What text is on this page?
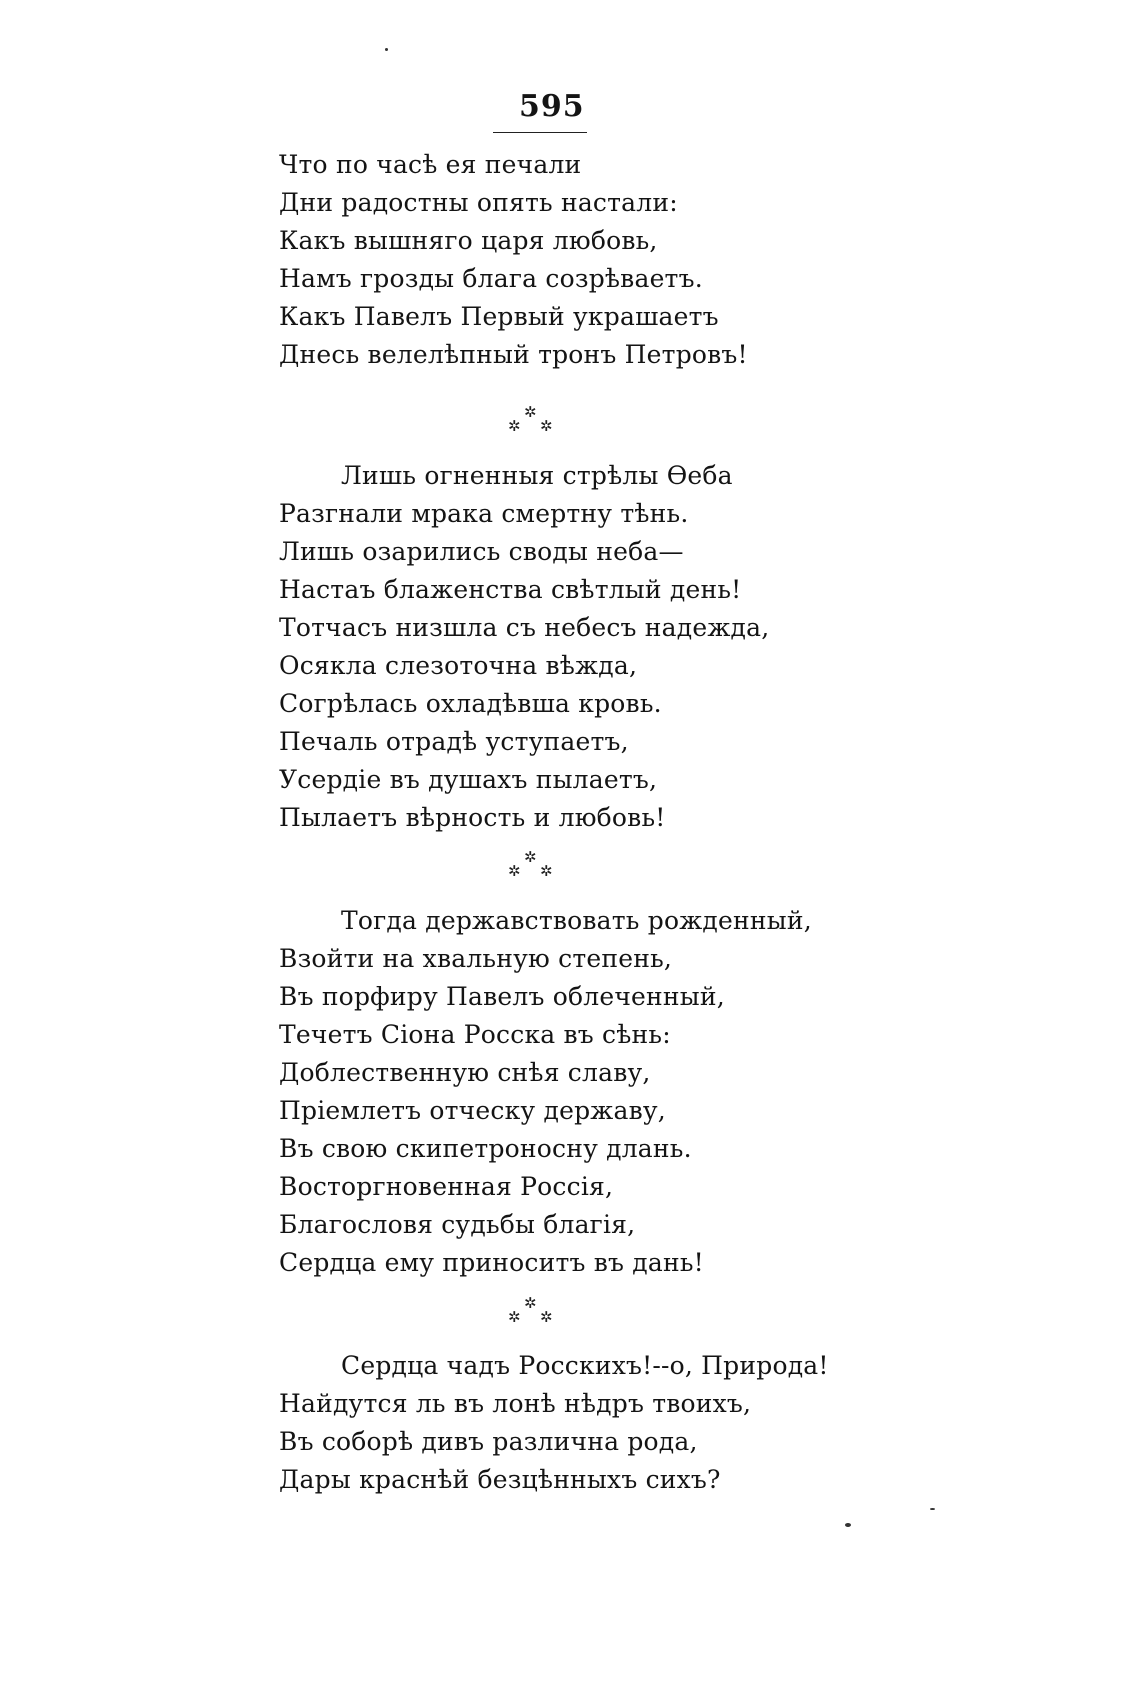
595
Что по часѣ ея печали
Дни радостны опять настали:
Какъ вышняго царя любовь,
Намъ грозды блага созрѣваетъ.
Какъ Павелъ Первый украшаетъ
Днесь велелѣпный тронъ Петровъ!
✲
✲ ✲
Лишь огненныя стрѣлы Ѳеба
Разгнали мрака смертну тѣнь.
Лишь озарились своды неба—
Настаъ блаженства свѣтлый день!
Тотчасъ низшла съ небесъ надежда,
Осякла слезоточна вѣжда,
Согрѣлась охладѣвша кровь.
Печаль отрадѣ уступаетъ,
Усердіе въ душахъ пылаетъ,
Пылаетъ вѣрность и любовь!
✲
✲ ✲
Тогда державствовать рожденный,
Взойти на хвальную степень,
Въ порфиру Павелъ облеченный,
Течетъ Сіона Росска въ сѣнь:
Доблественную снѣя славу,
Пріемлетъ отческу державу,
Въ свою скипетроносну длань.
Восторгновенная Россія,
Благословя судьбы благія,
Сердца ему приноситъ въ дань!
✲
✲ ✲
Сердца чадъ Росскихъ!--о, Природа!
Найдутся ль въ лонѣ нѣдръ твоихъ,
Въ соборѣ дивъ различна рода,
Дары краснѣй безцѣнныхъ сихъ?
